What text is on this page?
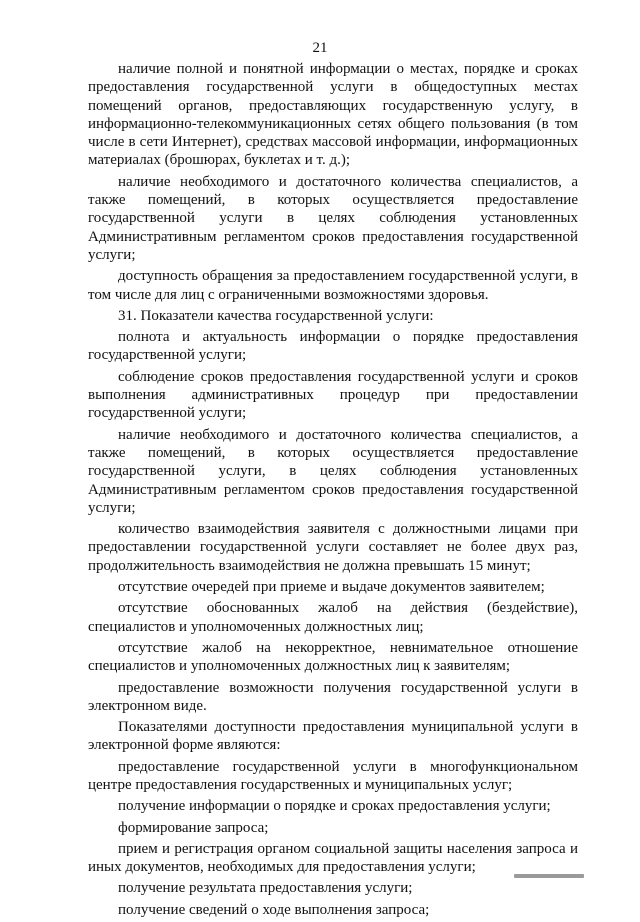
21

наличие полной и понятной информации о местах, порядке и сроках предоставления государственной услуги в общедоступных местах помещений органов, предоставляющих государственную услугу, в информационно-телекоммуникационных сетях общего пользования (в том числе в сети Интернет), средствах массовой информации, информационных материалах (брошюрах, буклетах и т. д.);

наличие необходимого и достаточного количества специалистов, а также помещений, в которых осуществляется предоставление государственной услуги в целях соблюдения установленных Административным регламентом сроков предоставления государственной услуги;

доступность обращения за предоставлением государственной услуги, в том числе для лиц с ограниченными возможностями здоровья.

31. Показатели качества государственной услуги:

полнота и актуальность информации о порядке предоставления государственной услуги;

соблюдение сроков предоставления государственной услуги и сроков выполнения административных процедур при предоставлении государственной услуги;

наличие необходимого и достаточного количества специалистов, а также помещений, в которых осуществляется предоставление государственной услуги, в целях соблюдения установленных Административным регламентом сроков предоставления государственной услуги;

количество взаимодействия заявителя с должностными лицами при предоставлении государственной услуги составляет не более двух раз, продолжительность взаимодействия не должна превышать 15 минут;

отсутствие очередей при приеме и выдаче документов заявителем;

отсутствие обоснованных жалоб на действия (бездействие), специалистов и уполномоченных должностных лиц;

отсутствие жалоб на некорректное, невнимательное отношение специалистов и уполномоченных должностных лиц к заявителям;

предоставление возможности получения государственной услуги в электронном виде.

Показателями доступности предоставления муниципальной услуги в электронной форме являются:

предоставление государственной услуги в многофункциональном центре предоставления государственных и муниципальных услуг;

получение информации о порядке и сроках предоставления услуги;

формирование запроса;

прием и регистрация органом социальной защиты населения запроса и иных документов, необходимых для предоставления услуги;

получение результата предоставления услуги;

получение сведений о ходе выполнения запроса;
